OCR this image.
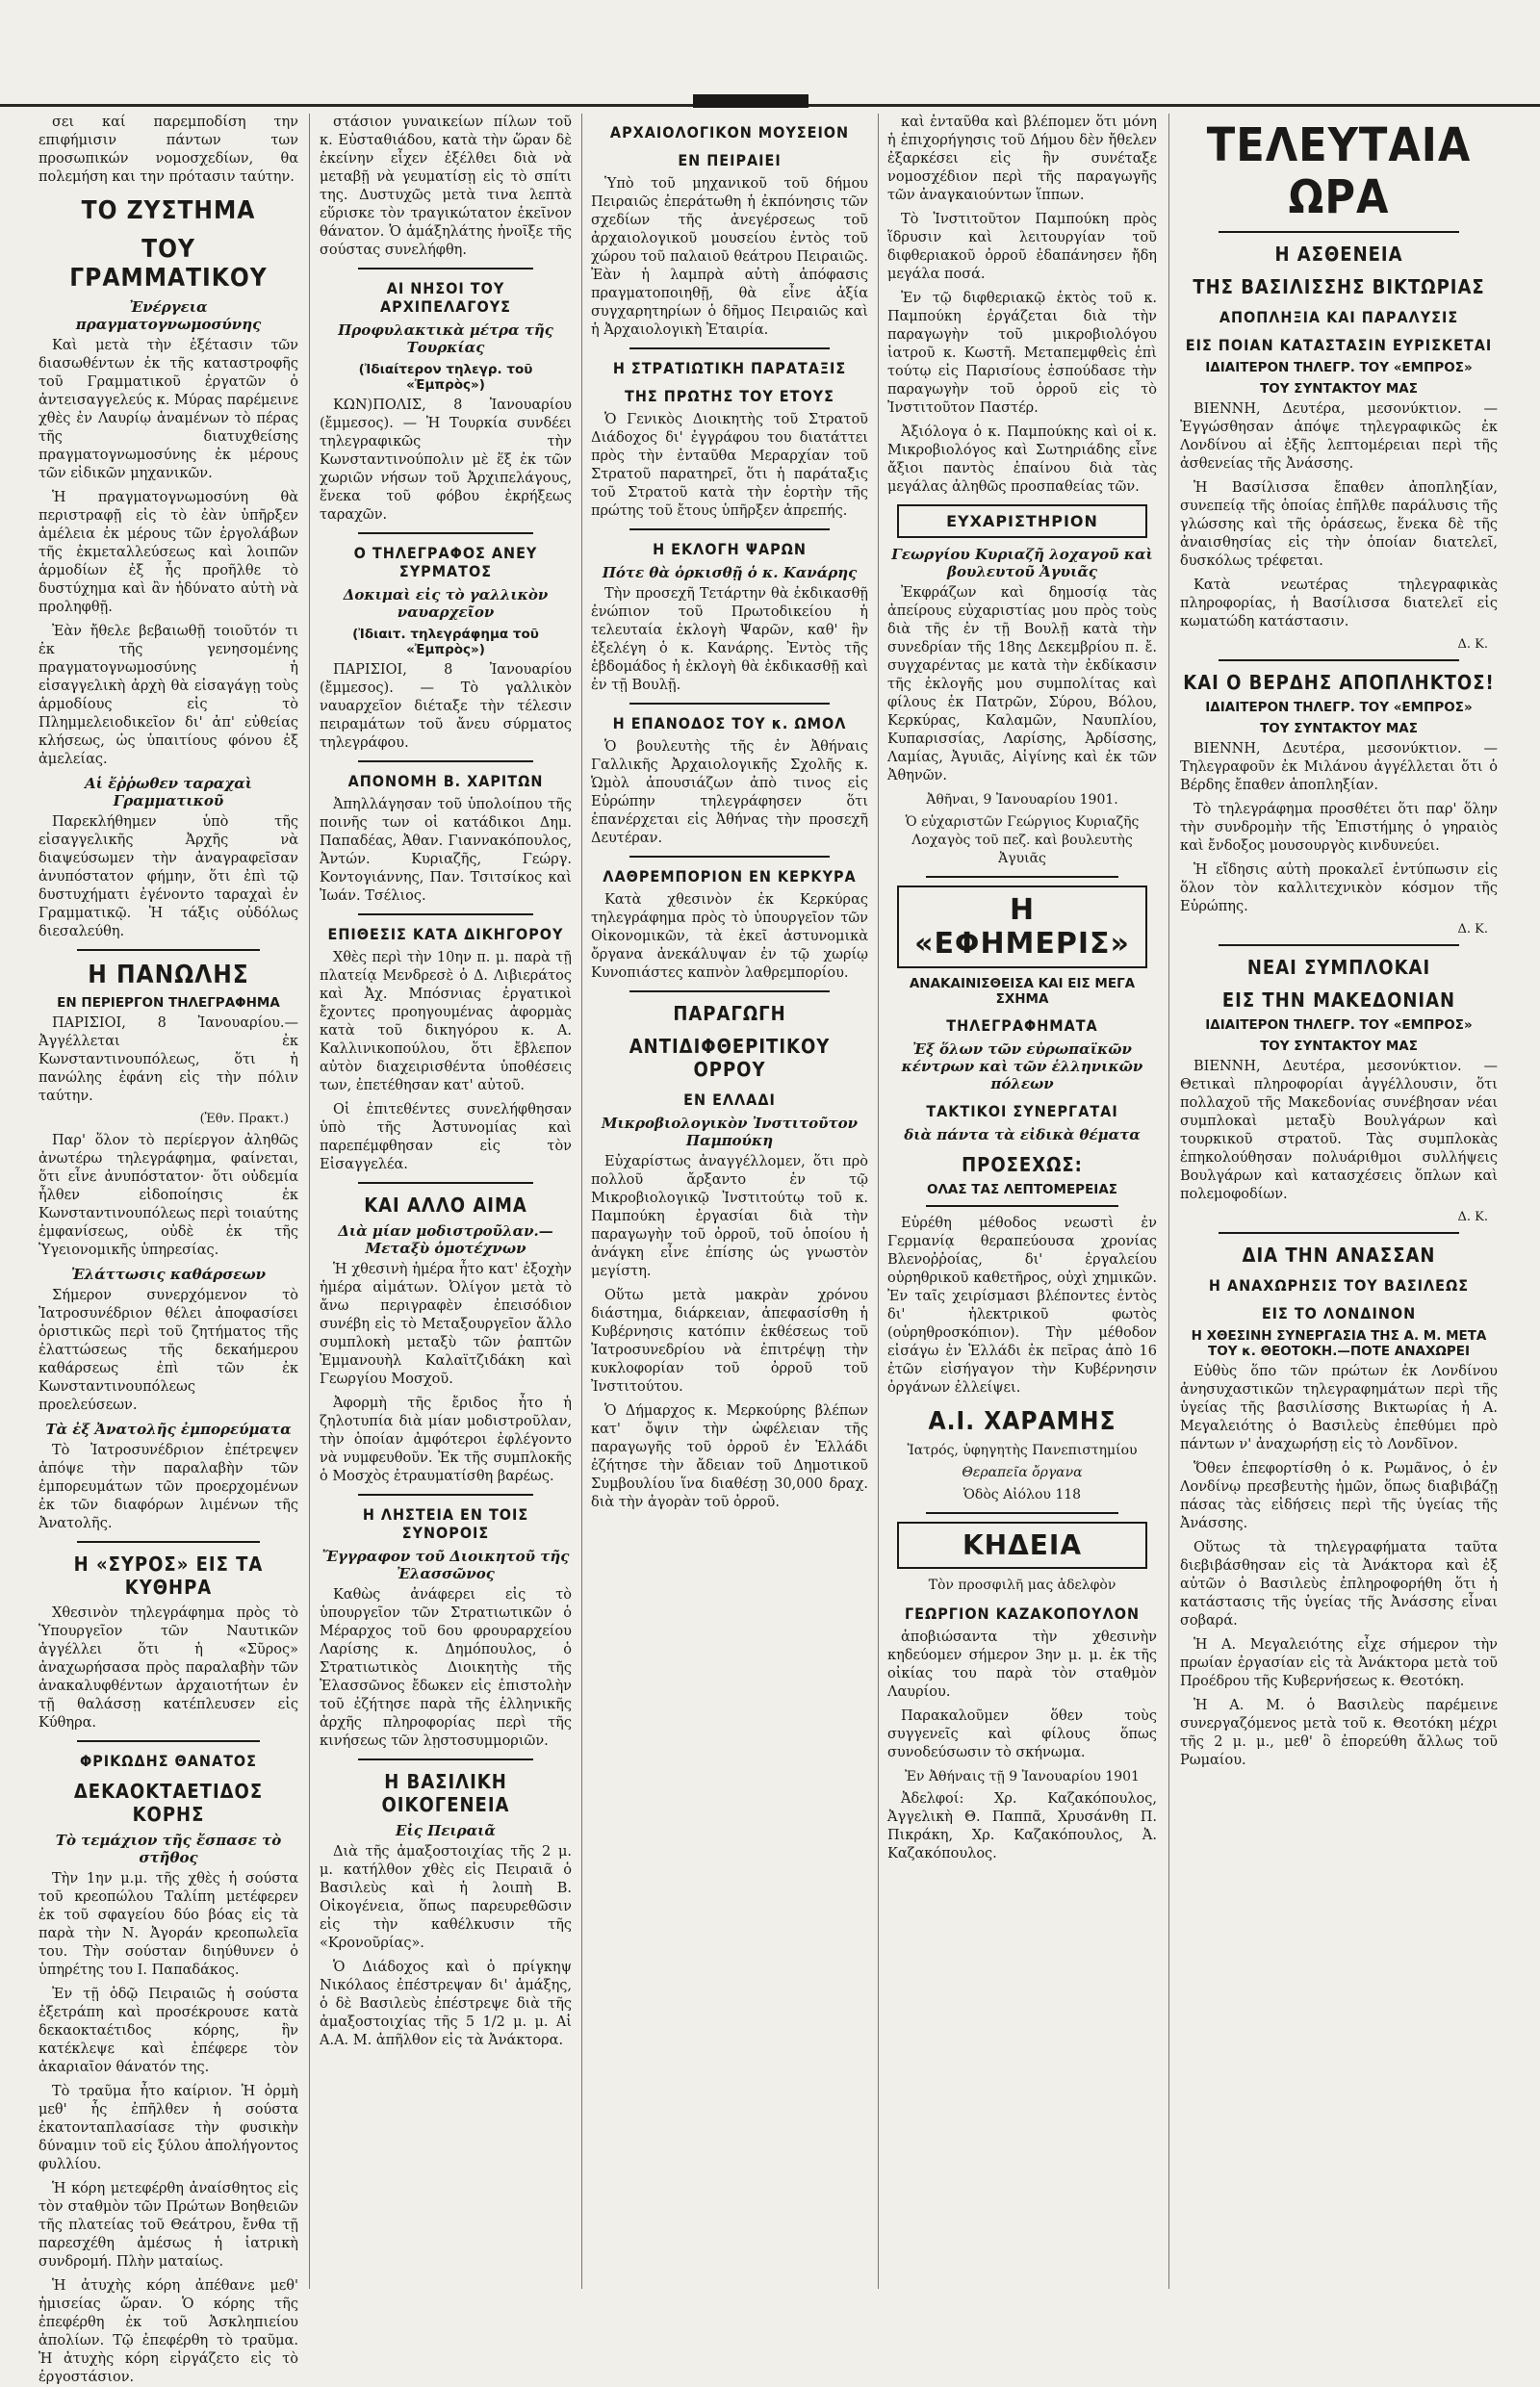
σει καί παρεμποδίση την επιφήμισιν πάντων των προσωπικών νομοσχεδίων, θα πολεμήση και την πρότασιν ταύτην.

ΤΟ ΖΥΣΤΗΜΑ
ΤΟΥ ΓΡΑΜΜΑΤΙΚΟΥ
Ἐνέργεια πραγματογνωμοσύνης

Καὶ μετὰ τὴν ἐξέτασιν τῶν διασωθέντων ἐκ τῆς καταστροφῆς τοῦ Γραμματικοῦ ἐργατῶν ὁ ἀντεισαγγελεύς κ. Μύρας παρέμεινε χθὲς ἐν Λαυρίῳ ἀναμένων τὸ πέρας τῆς διατυχθείσης πραγματογνωμοσύνης ἐκ μέρους τῶν εἰδικῶν μηχανικῶν.

Ἡ πραγματογνωμοσύνη θὰ περιστραφῇ εἰς τὸ ἐὰν ὑπῆρξεν ἀμέλεια ἐκ μέρους τῶν ἐργολάβων τῆς ἐκμεταλλεύσεως καὶ λοιπῶν ἁρμοδίων ἐξ ἧς προῆλθε τὸ δυστύχημα καὶ ἂν ἠδύνατο αὐτὴ νὰ προληφθῇ.

Ἐὰν ἤθελε βεβαιωθῇ τοιοῦτόν τι ἐκ τῆς γενησομένης πραγματογνωμοσύνης ἡ εἰσαγγελικὴ ἀρχὴ θὰ εἰσαγάγῃ τοὺς ἁρμοδίους εἰς τὸ Πλημμελειοδικεῖον δι' ἀπ' εὐθείας κλήσεως, ὡς ὑπαιτίους φόνου ἐξ ἀμελείας.

Αἱ ἔῤῥωθεν ταραχαὶ Γραμματικοῦ

Παρεκλήθημεν ὑπὸ τῆς εἰσαγγελικῆς Ἀρχῆς νὰ διαψεύσωμεν τὴν ἀναγραφεῖσαν ἀνυπόστατον φήμην, ὅτι ἐπὶ τῷ δυστυχήματι ἐγένοντο ταραχαὶ ἐν Γραμματικῷ. Ἡ τάξις οὐδόλως διεσαλεύθη.

Η ΠΑΝΩΛΗΣ
ΕΝ ΠΕΡΙΕΡΓΟΝ ΤΗΛΕΓΡΑΦΗΜΑ

ΠΑΡΙΣΙΟΙ, 8 Ἰανουαρίου.— Ἀγγέλλεται ἐκ Κωνσταντινουπόλεως, ὅτι ἡ πανώλης ἐφάνη εἰς τὴν πόλιν ταύτην.

(Ἐθν. Πρακτ.)

Παρ' ὅλον τὸ περίεργον ἀληθῶς ἀνωτέρω τηλεγράφημα, φαίνεται, ὅτι εἶνε ἀνυπόστατον· ὅτι οὐδεμία ἦλθεν εἰδοποίησις ἐκ Κωνσταντινουπόλεως περὶ τοιαύτης ἐμφανίσεως, οὐδὲ ἐκ τῆς Ὑγειονομικῆς ὑπηρεσίας.

Ἐλάττωσις καθάρσεων

Σήμερον συνερχόμενον τὸ Ἰατροσυνέδριον θέλει ἀποφασίσει ὁριστικῶς περὶ τοῦ ζητήματος τῆς ἐλαττώσεως τῆς δεκαήμερου καθάρσεως ἐπὶ τῶν ἐκ Κωνσταντινουπόλεως προελεύσεων.

Τὰ ἐξ Ἀνατολῆς ἐμπορεύματα

Τὸ Ἰατροσυνέδριον ἐπέτρεψεν ἀπόψε τὴν παραλαβὴν τῶν ἐμπορευμάτων τῶν προερχομένων ἐκ τῶν διαφόρων λιμένων τῆς Ἀνατολῆς.

Η «ΣΥΡΟΣ» ΕΙΣ ΤΑ ΚΥΘΗΡΑ

Χθεσινὸν τηλεγράφημα πρὸς τὸ Ὑπουργεῖον τῶν Ναυτικῶν ἀγγέλλει ὅτι ἡ «Σῦρος» ἀναχωρήσασα πρὸς παραλαβὴν τῶν ἀνακαλυφθέντων ἀρχαιοτήτων ἐν τῇ θαλάσσῃ κατέπλευσεν εἰς Κύθηρα.

ΦΡΙΚΩΔΗΣ ΘΑΝΑΤΟΣ
ΔΕΚΑΟΚΤΑΕΤΙΔΟΣ ΚΟΡΗΣ
Τὸ τεμάχιον τῆς ἔσπασε τὸ στῆθος

Τὴν 1ην μ.μ. τῆς χθὲς ἡ σούστα τοῦ κρεοπώλου Ταλίπη μετέφερεν ἐκ τοῦ σφαγείου δύο βόας εἰς τὰ παρὰ τὴν Ν. Ἀγοράν κρεοπωλεῖα του. Τὴν σούσταν διηύθυνεν ὁ ὑπηρέτης του Ι. Παπαδάκος.

Ἐν τῇ ὁδῷ Πειραιῶς ἡ σούστα ἐξετράπη καὶ προσέκρουσε κατὰ δεκαοκταέτιδος κόρης, ἣν κατέκλεψε καὶ ἐπέφερε τὸν ἀκαριαῖον θάνατόν της.

Τὸ τραῦμα ἦτο καίριον. Ἡ ὁρμὴ μεθ' ἧς ἐπῆλθεν ἡ σούστα ἐκατονταπλασίασε τὴν φυσικὴν δύναμιν τοῦ εἰς ξύλου ἀπολήγοντος φυλλίου.

Ἡ κόρη μετεφέρθη ἀναίσθητος εἰς τὸν σταθμὸν τῶν Πρώτων Βοηθειῶν τῆς πλατείας τοῦ Θεάτρου, ἔνθα τῇ παρεσχέθη ἀμέσως ἡ ἰατρικὴ συνδρομή. Πλὴν ματαίως.

Ἡ ἀτυχὴς κόρη ἀπέθανε μεθ' ἡμισείας ὥραν. Ὁ κόρης τῆς ἐπεφέρθη ἐκ τοῦ Ἀσκληπιείου ἀπολίων. Τῷ ἐπεφέρθη τὸ τραῦμα. Ἡ ἀτυχὴς κόρη εἰργάζετο εἰς τὸ ἐργοστάσιον.

στάσιον γυναικείων πίλων τοῦ κ. Εὐσταθιάδου, κατὰ τὴν ὥραν δὲ ἐκείνην εἶχεν ἐξέλθει διὰ νὰ μεταβῇ νὰ γευματίσῃ εἰς τὸ σπίτι της. Δυστυχῶς μετὰ τινα λεπτὰ εὕρισκε τὸν τραγικώτατον ἐκεῖνον θάνατον. Ὁ ἁμάξηλάτης ἠνοῖξε τῆς σούστας συνελήφθη.

ΑΙ ΝΗΣΟΙ ΤΟΥ ΑΡΧΙΠΕΛΑΓΟΥΣ
Προφυλακτικὰ μέτρα τῆς Τουρκίας
(Ἰδιαίτερον τηλεγρ. τοῦ «Ἐμπρὸς»)

ΚΩΝ)ΠΟΛΙΣ, 8 Ἰανουαρίου (ἔμμεσος). — Ἡ Τουρκία συνδέει τηλεγραφικῶς τὴν Κωνσταντινούπολιν μὲ ἕξ ἐκ τῶν χωριῶν νήσων τοῦ Ἀρχιπελάγους, ἕνεκα τοῦ φόβου ἐκρήξεως ταραχῶν.

Ο ΤΗΛΕΓΡΑΦΟΣ ΑΝΕΥ ΣΥΡΜΑΤΟΣ
Δοκιμαὶ εἰς τὸ γαλλικὸν ναυαρχεῖον
(Ἰδιαιτ. τηλεγράφημα τοῦ «Ἐμπρὸς»)

ΠΑΡΙΣΙΟΙ, 8 Ἰανουαρίου (ἔμμεσος). — Τὸ γαλλικὸν ναυαρχεῖον διέταξε τὴν τέλεσιν πειραμάτων τοῦ ἄνευ σύρματος τηλεγράφου.

ΑΠΟΝΟΜΗ Β. ΧΑΡΙΤΩΝ

Ἀπηλλάγησαν τοῦ ὑπολοίπου τῆς ποινῆς των οἱ κατάδικοι Δημ. Παπαδέας, Ἀθαν. Γιαννακόπουλος, Ἀντών. Κυριαζῆς, Γεώργ. Κοντογιάννης, Παν. Τσιτσίκος καὶ Ἰωάν. Τσέλιος.

ΕΠΙΘΕΣΙΣ ΚΑΤΑ ΔΙΚΗΓΟΡΟΥ

Χθὲς περὶ τὴν 10ην π. μ. παρὰ τῇ πλατείᾳ Μενδρεσὲ ὁ Δ. Λιβιεράτος καὶ Ἀχ. Μπόσνιας ἐργατικοὶ ἔχοντες προηγουμένας ἀφορμὰς κατὰ τοῦ δικηγόρου κ. Α. Καλλινικοπούλου, ὅτι ἔβλεπον αὐτὸν διαχειρισθέντα ὑποθέσεις των, ἐπετέθησαν κατ' αὐτοῦ.

Οἱ ἐπιτεθέντες συνελήφθησαν ὑπὸ τῆς Ἀστυνομίας καὶ παρεπέμφθησαν εἰς τὸν Εἰσαγγελέα.

ΚΑΙ ΑΛΛΟ ΑΙΜΑ
Διὰ μίαν μοδιστροῦλαν.— Μεταξὺ ὁμοτέχνων

Ἡ χθεσινὴ ἡμέρα ἦτο κατ' ἐξοχὴν ἡμέρα αἱμάτων. Ὀλίγον μετὰ τὸ ἄνω περιγραφὲν ἐπεισόδιον συνέβη εἰς τὸ Μεταξουργεῖον ἄλλο συμπλοκὴ μεταξὺ τῶν ῥαπτῶν Ἐμμανουὴλ Καλαϊτζιδάκη καὶ Γεωργίου Μοσχοῦ.

Ἀφορμὴ τῆς ἔριδος ἦτο ἡ ζηλοτυπία διὰ μίαν μοδιστροῦλαν, τὴν ὁποίαν ἀμφότεροι ἐφλέγοντο νὰ νυμφευθοῦν. Ἐκ τῆς συμπλοκῆς ὁ Μοσχὸς ἐτραυματίσθη βαρέως.

Η ΛΗΣΤΕΙΑ ΕΝ ΤΟΙΣ ΣΥΝΟΡΟΙΣ
Ἔγγραφον τοῦ Διοικητοῦ τῆς Ἐλασσῶνος

Καθὼς ἀνάφερει εἰς τὸ ὑπουργεῖον τῶν Στρατιωτικῶν ὁ Μέραρχος τοῦ 6ου φρουραρχείου Λαρίσης κ. Δημόπουλος, ὁ Στρατιωτικὸς Διοικητὴς τῆς Ἐλασσῶνος ἔδωκεν εἰς ἐπιστολὴν τοῦ ἐζήτησε παρὰ τῆς ἑλληνικῆς ἀρχῆς πληροφορίας περὶ τῆς κινήσεως τῶν λῃστοσυμμοριῶν.

Η ΒΑΣΙΛΙΚΗ ΟΙΚΟΓΕΝΕΙΑ
Εἰς Πειραιᾶ

Διὰ τῆς ἁμαξοστοιχίας τῆς 2 μ. μ. κατήλθον χθὲς εἰς Πειραιᾶ ὁ Βασιλεὺς καὶ ἡ λοιπὴ Β. Οἰκογένεια, ὅπως παρευρεθῶσιν εἰς τὴν καθέλκυσιν τῆς «Κρονοῦρίας».

Ὁ Διάδοχος καὶ ὁ πρίγκηψ Νικόλαος ἐπέστρεψαν δι' ἁμάξης, ὁ δὲ Βασιλεὺς ἐπέστρεψε διὰ τῆς ἁμαξοστοιχίας τῆς 5 1/2 μ. μ. Αἱ Α.Α. Μ. ἀπῆλθον εἰς τὰ Ἀνάκτορα.

ΑΡΧΑΙΟΛΟΓΙΚΟΝ ΜΟΥΣΕΙΟΝ
ΕΝ ΠΕΙΡΑΙΕΙ

Ὑπὸ τοῦ μηχανικοῦ τοῦ δήμου Πειραιῶς ἐπεράτωθη ἡ ἐκπόνησις τῶν σχεδίων τῆς ἀνεγέρσεως τοῦ ἀρχαιολογικοῦ μουσείου ἐντὸς τοῦ χώρου τοῦ παλαιοῦ θεάτρου Πειραιῶς. Ἐὰν ἡ λαμπρὰ αὐτὴ ἀπόφασις πραγματοποιηθῇ, θὰ εἶνε ἀξία συγχαρητηρίων ὁ δῆμος Πειραιῶς καὶ ἡ Ἀρχαιολογικὴ Ἑταιρία.

Η ΣΤΡΑΤΙΩΤΙΚΗ ΠΑΡΑΤΑΞΙΣ
ΤΗΣ ΠΡΩΤΗΣ ΤΟΥ ΕΤΟΥΣ

Ὁ Γενικὸς Διοικητὴς τοῦ Στρατοῦ Διάδοχος δι' ἐγγράφου του διατάττει πρὸς τὴν ἐνταῦθα Μεραρχίαν τοῦ Στρατοῦ παρατηρεῖ, ὅτι ἡ παράταξις τοῦ Στρατοῦ κατὰ τὴν ἑορτὴν τῆς πρώτης τοῦ ἔτους ὑπῆρξεν ἀπρεπής.

Η ΕΚΛΟΓΗ ΨΑΡΩΝ
Πότε θὰ ὁρκισθῇ ὁ κ. Κανάρης

Τὴν προσεχῆ Τετάρτην θὰ ἐκδικασθῇ ἐνώπιον τοῦ Πρωτοδικείου ἡ τελευταία ἐκλογὴ Ψαρῶν, καθ' ἣν ἐξελέγη ὁ κ. Κανάρης. Ἐντὸς τῆς ἑβδομάδος ἡ ἐκλογὴ θὰ ἐκδικασθῇ καὶ ἐν τῇ Βουλῇ.

Η ΕΠΑΝΟΔΟΣ ΤΟΥ κ. ΩΜΟΛ

Ὁ βουλευτὴς τῆς ἐν Ἀθήναις Γαλλικῆς Ἀρχαιολογικῆς Σχολῆς κ. Ὡμὸλ ἀπουσιάζων ἀπὸ τινος εἰς Εὐρώπην τηλεγράφησεν ὅτι ἐπανέρχεται εἰς Ἀθήνας τὴν προσεχῆ Δευτέραν.

ΛΑΘΡΕΜΠΟΡΙΟΝ ΕΝ ΚΕΡΚΥΡΑ

Κατὰ χθεσινὸν ἐκ Κερκύρας τηλεγράφημα πρὸς τὸ ὑπουργεῖον τῶν Οἰκονομικῶν, τὰ ἐκεῖ ἀστυνομικὰ ὄργανα ἀνεκάλυψαν ἐν τῷ χωρίῳ Κυνοπιάστες καπνὸν λαθρεμπορίου.

ΠΑΡΑΓΩΓΗ
ΑΝΤΙΔΙΦΘΕΡΙΤΙΚΟΥ ΟΡΡΟΥ
ΕΝ ΕΛΛΑΔΙ
Μικροβιολογικὸν Ἰνστιτοῦτον Παμπούκη

Εὐχαρίστως ἀναγγέλλομεν, ὅτι πρὸ πολλοῦ ἄρξαντο ἐν τῷ Μικροβιολογικῷ Ἰνστιτούτῳ τοῦ κ. Παμπούκη ἐργασίαι διὰ τὴν παραγωγὴν τοῦ ὀρροῦ, τοῦ ὁποίου ἡ ἀνάγκη εἶνε ἐπίσης ὡς γνωστὸν μεγίστη.

Οὕτω μετὰ μακρὰν χρόνου διάστημα, διάρκειαν, ἀπεφασίσθη ἡ Κυβέρνησις κατόπιν ἐκθέσεως τοῦ Ἰατροσυνεδρίου νὰ ἐπιτρέψῃ τὴν κυκλοφορίαν τοῦ ὀρροῦ τοῦ Ἰνστιτούτου.

Ὁ Δήμαρχος κ. Μερκούρης βλέπων κατ' ὄψιν τὴν ὠφέλειαν τῆς παραγωγῆς τοῦ ὀρροῦ ἐν Ἑλλάδι ἐζήτησε τὴν ἄδειαν τοῦ Δημοτικοῦ Συμβουλίου ἵνα διαθέσῃ 30,000 δραχ. διὰ τὴν ἀγορὰν τοῦ ὀρροῦ.

καὶ ἐνταῦθα καὶ βλέπομεν ὅτι μόνη ἡ ἐπιχορήγησις τοῦ Δήμου δὲν ἤθελεν ἐξαρκέσει εἰς ἣν συνέταξε νομοσχέδιον περὶ τῆς παραγωγῆς τῶν ἀναγκαιούντων ἵππων.

Τὸ Ἰνστιτοῦτον Παμπούκη πρὸς ἵδρυσιν καὶ λειτουργίαν τοῦ διφθεριακοῦ ὀρροῦ ἐδαπάνησεν ἤδη μεγάλα ποσά.

Ἐν τῷ διφθεριακῷ ἐκτὸς τοῦ κ. Παμπούκη ἐργάζεται διὰ τὴν παραγωγὴν τοῦ μικροβιολόγου ἰατροῦ κ. Κωστῆ. Μεταπεμφθεὶς ἐπὶ τούτῳ εἰς Παρισίους ἐσπούδασε τὴν παραγωγὴν τοῦ ὀρροῦ εἰς τὸ Ἰνστιτοῦτον Παστέρ.

Ἀξιόλογα ὁ κ. Παμπούκης καὶ οἱ κ. Μικροβιολόγος καὶ Σωτηριάδης εἶνε ἄξιοι παντὸς ἐπαίνου διὰ τὰς μεγάλας ἀληθῶς προσπαθείας τῶν.

ΕΥΧΑΡΙΣΤΗΡΙΟΝ
Γεωργίου Κυριαζῆ λοχαγοῦ καὶ βουλευτοῦ Ἀγυιᾶς

Ἐκφράζων καὶ δημοσίᾳ τὰς ἀπείρους εὐχαριστίας μου πρὸς τοὺς διὰ τῆς ἐν τῇ Βουλῇ κατὰ τὴν συνεδρίαν τῆς 18ης Δεκεμβρίου π. ἔ. συγχαρέντας με κατὰ τὴν ἐκδίκασιν τῆς ἐκλογῆς μου συμπολίτας καὶ φίλους ἐκ Πατρῶν, Σύρου, Βόλου, Κερκύρας, Καλαμῶν, Ναυπλίου, Κυπαρισσίας, Λαρίσης, Ἀρδίσσης, Λαμίας, Ἀγυιᾶς, Αἰγίνης καὶ ἐκ τῶν Ἀθηνῶν.

Ἀθῆναι, 9 Ἰανουαρίου 1901.
Ὁ εὐχαριστῶν Γεώργιος Κυριαζῆς Λοχαγὸς τοῦ πεζ. καὶ βουλευτὴς Ἀγυιᾶς
Η «ΕΦΗΜΕΡΙΣ»
ΑΝΑΚΑΙΝΙΣΘΕΙΣΑ ΚΑΙ ΕΙΣ ΜΕΓΑ ΣΧΗΜΑ
ΤΗΛΕΓΡΑΦΗΜΑΤΑ
Ἐξ ὅλων τῶν εὐρωπαϊκῶν κέντρων καὶ τῶν ἑλληνικῶν πόλεων
ΤΑΚΤΙΚΟΙ ΣΥΝΕΡΓΑΤΑΙ
διὰ πάντα τὰ εἰδικὰ θέματα
ΠΡΟΣΕΧΩΣ:
ΟΛΑΣ ΤΑΣ ΛΕΠΤΟΜΕΡΕΙΑΣ

Εὑρέθη μέθοδος νεωστὶ ἐν Γερμανίᾳ θεραπεύουσα χρονίας Βλενοῤῥοίας, δι' ἐργαλείου οὐρηθρικοῦ καθετῆρος, οὐχὶ χημικῶν. Ἐν ταῖς χειρίσμασι βλέποντες ἐντὸς δι' ἠλεκτρικοῦ φωτὸς (οὐρηθροσκόπιον). Τὴν μέθοδον εἰσάγω ἐν Ἑλλάδι ἐκ πεῖρας ἀπὸ 16 ἐτῶν εἰσήγαγον τὴν Κυβέρνησιν ὀργάνων ἐλλείψει.

Α.Ι. ΧΑΡΑΜΗΣ
Ἰατρός, ὑφηγητὴς Πανεπιστημίου
Θεραπεῖα ὄργανα
Ὁδὸς Αἰόλου 118
ΚΗΔΕΙΑ
Τὸν προσφιλῆ μας ἀδελφὸν
ΓΕΩΡΓΙΟΝ ΚΑΖΑΚΟΠΟΥΛΟΝ

ἀποβιώσαντα τὴν χθεσινὴν κηδεύομεν σήμερον 3ην μ. μ. ἐκ τῆς οἰκίας του παρὰ τὸν σταθμὸν Λαυρίου.

Παρακαλοῦμεν ὅθεν τοὺς συγγενεῖς καὶ φίλους ὅπως συνοδεύσωσιν τὸ σκήνωμα.

Ἐν Ἀθήναις τῇ 9 Ἰανουαρίου 1901

Ἀδελφοί: Χρ. Καζακόπουλος, Ἀγγελικὴ Θ. Παππᾶ, Χρυσάνθη Π. Πικράκη, Χρ. Καζακόπουλος, Ἀ. Καζακόπουλος.

ΤΕΛΕΥΤΑΙΑ ΩΡΑ
Η ΑΣΘΕΝΕΙΑ
ΤΗΣ ΒΑΣΙΛΙΣΣΗΣ ΒΙΚΤΩΡΙΑΣ
ΑΠΟΠΛΗΞΙΑ ΚΑΙ ΠΑΡΑΛΥΣΙΣ
ΕΙΣ ΠΟΙΑΝ ΚΑΤΑΣΤΑΣΙΝ ΕΥΡΙΣΚΕΤΑΙ
ΙΔΙΑΙΤΕΡΟΝ ΤΗΛΕΓΡ. ΤΟΥ «ΕΜΠΡΟΣ»
ΤΟΥ ΣΥΝΤΑΚΤΟΥ ΜΑΣ

ΒΙΕΝΝΗ, Δευτέρα, μεσονύκτιον. — Ἐγγώσθησαν ἀπόψε τηλεγραφικῶς ἐκ Λονδίνου αἱ ἐξῆς λεπτομέρειαι περὶ τῆς ἀσθενείας τῆς Ἀνάσσης.

Ἡ Βασίλισσα ἔπαθεν ἀποπληξίαν, συνεπείᾳ τῆς ὁποίας ἐπῆλθε παράλυσις τῆς γλώσσης καὶ τῆς ὁράσεως, ἕνεκα δὲ τῆς ἀναισθησίας εἰς τὴν ὁποίαν διατελεῖ, δυσκόλως τρέφεται.

Κατὰ νεωτέρας τηλεγραφικὰς πληροφορίας, ἡ Βασίλισσα διατελεῖ εἰς κωματώδη κατάστασιν.

Δ. Κ.
ΚΑΙ Ο ΒΕΡΔΗΣ ΑΠΟΠΛΗΚΤΟΣ!
ΙΔΙΑΙΤΕΡΟΝ ΤΗΛΕΓΡ. ΤΟΥ «ΕΜΠΡΟΣ»
ΤΟΥ ΣΥΝΤΑΚΤΟΥ ΜΑΣ

ΒΙΕΝΝΗ, Δευτέρα, μεσονύκτιον. — Τηλεγραφοῦν ἐκ Μιλάνου ἀγγέλλεται ὅτι ὁ Βέρδης ἔπαθεν ἀποπληξίαν.

Τὸ τηλεγράφημα προσθέτει ὅτι παρ' ὅλην τὴν συνδρομὴν τῆς Ἐπιστήμης ὁ γηραιὸς καὶ ἔνδοξος μουσουργὸς κινδυνεύει.

Ἡ εἴδησις αὐτὴ προκαλεῖ ἐντύπωσιν εἰς ὅλον τὸν καλλιτεχνικὸν κόσμον τῆς Εὐρώπης.

Δ. Κ.
ΝΕΑΙ ΣΥΜΠΛΟΚΑΙ
ΕΙΣ ΤΗΝ ΜΑΚΕΔΟΝΙΑΝ
ΙΔΙΑΙΤΕΡΟΝ ΤΗΛΕΓΡ. ΤΟΥ «ΕΜΠΡΟΣ»
ΤΟΥ ΣΥΝΤΑΚΤΟΥ ΜΑΣ

ΒΙΕΝΝΗ, Δευτέρα, μεσονύκτιον. — Θετικαὶ πληροφορίαι ἀγγέλλουσιν, ὅτι πολλαχοῦ τῆς Μακεδονίας συνέβησαν νέαι συμπλοκαὶ μεταξὺ Βουλγάρων καὶ τουρκικοῦ στρατοῦ. Τὰς συμπλοκὰς ἐπηκολούθησαν πολυάριθμοι συλλήψεις Βουλγάρων καὶ κατασχέσεις ὅπλων καὶ πολεμοφοδίων.

Δ. Κ.
ΔΙΑ ΤΗΝ ΑΝΑΣΣΑΝ
Η ΑΝΑΧΩΡΗΣΙΣ ΤΟΥ ΒΑΣΙΛΕΩΣ
ΕΙΣ ΤΟ ΛΟΝΔΙΝΟΝ
Η ΧΘΕΣΙΝΗ ΣΥΝΕΡΓΑΣΙΑ ΤΗΣ Α. Μ. ΜΕΤΑ ΤΟΥ κ. ΘΕΟΤΟΚΗ.—ΠΟΤΕ ΑΝΑΧΩΡΕΙ

Εὐθὺς ὅπο τῶν πρώτων ἐκ Λονδίνου ἀνησυχαστικῶν τηλεγραφημάτων περὶ τῆς ὑγείας τῆς βασιλίσσης Βικτωρίας ἡ Α. Μεγαλειότης ὁ Βασιλεὺς ἐπεθύμει πρὸ πάντων ν' ἀναχωρήσῃ εἰς τὸ Λονδῖνον.

Ὅθεν ἐπεφορτίσθη ὁ κ. Ρωμᾶνος, ὁ ἐν Λονδίνῳ πρεσβευτὴς ἡμῶν, ὅπως διαβιβάζῃ πάσας τὰς εἰδήσεις περὶ τῆς ὑγείας τῆς Ἀνάσσης.

Οὕτως τὰ τηλεγραφήματα ταῦτα διεβιβάσθησαν εἰς τὰ Ἀνάκτορα καὶ ἐξ αὐτῶν ὁ Βασιλεὺς ἐπληροφορήθη ὅτι ἡ κατάστασις τῆς ὑγείας τῆς Ἀνάσσης εἶναι σοβαρά.

Ἡ Α. Μεγαλειότης εἶχε σήμερον τὴν πρωίαν ἐργασίαν εἰς τὰ Ἀνάκτορα μετὰ τοῦ Προέδρου τῆς Κυβερνήσεως κ. Θεοτόκη.

Ἡ Α. Μ. ὁ Βασιλεὺς παρέμεινε συνεργαζόμενος μετὰ τοῦ κ. Θεοτόκη μέχρι τῆς 2 μ. μ., μεθ' ὃ ἐπορεύθη ἄλλως τοῦ Ρωμαίου.
